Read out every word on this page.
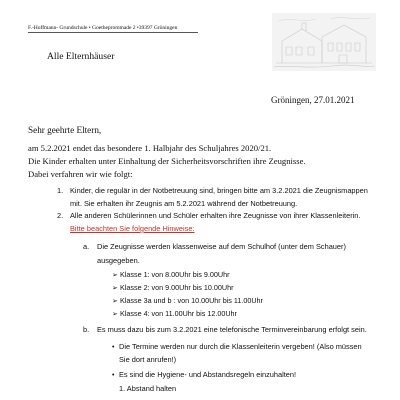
F.-Hoffmann- Grundschule • Goetheprommade 2 •39397 Gröningen
Alle Elternhäuser
Gröningen, 27.01.2021
Sehr geehrte Eltern,
am 5.2.2021 endet das besondere 1. Halbjahr des Schuljahres 2020/21.
Die Kinder erhalten unter Einhaltung der Sicherheitsvorschriften ihre Zeugnisse.
Dabei verfahren wir wie folgt:
1. Kinder, die regulär in der Notbetreuung sind, bringen bitte am 3.2.2021 die Zeugnismappen
mit. Sie erhalten ihr Zeugnis am 5.2.2021 während der Notbetreuung.
2. Alle anderen Schülerinnen und Schüler erhalten ihre Zeugnisse von ihrer Klassenleiterin.
Bitte beachten Sie folgende Hinweise:
a. Die Zeugnisse werden klassenweise auf dem Schulhof (unter dem Schauer)
ausgegeben.
➢ Klasse 1: von 8.00Uhr bis 9.00Uhr
➢ Klasse 2: von 9.00Uhr bis 10.00Uhr
➢ Klasse 3a und b : von 10.00Uhr bis 11.00Uhr
➢ Klasse 4: von 11.00Uhr bis 12.00Uhr
b. Es muss dazu bis zum 3.2.2021 eine telefonische Terminvereinbarung erfolgt sein.
• Die Termine werden nur durch die Klassenleiterin vergeben! (Also müssen
Sie dort anrufen!)
• Es sind die Hygiene- und Abstandsregeln einzuhalten!
1. Abstand halten
